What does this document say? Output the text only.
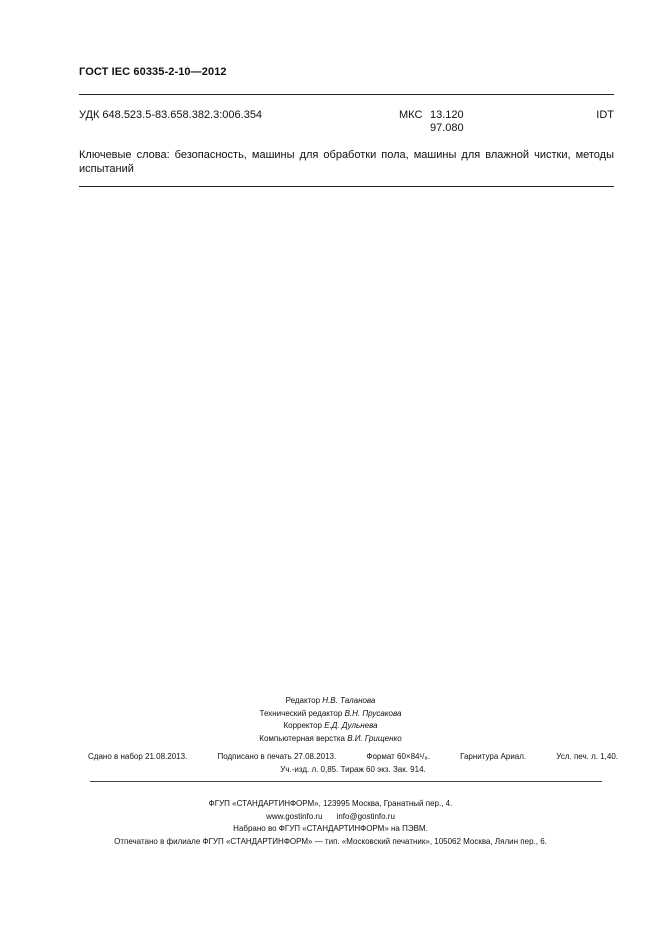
ГОСТ IEC 60335-2-10—2012
УДК 648.523.5-83.658.382.3:006.354	МКС 13.120
97.080
IDT
Ключевые слова: безопасность, машины для обработки пола, машины для влажной чистки, методы испытаний
Редактор Н.В. Таланова
Технический редактор В.Н. Прусакова
Корректор Е.Д. Дульнева
Компьютерная верстка В.И. Грищенко
Сдано в набор 21.08.2013.	Подписано в печать 27.08.2013.	Формат 60×84¹/₈.	Гарнитура Ариал.	Усл. печ. л. 1,40.
Уч.-изд. л. 0,85. Тираж 60 экз. Зак. 914.
ФГУП «СТАНДАРТИНФОРМ», 123995 Москва, Гранатный пер., 4.
www.gostinfo.ru info@gostinfo.ru
Набрано во ФГУП «СТАНДАРТИНФОРМ» на ПЭВМ.
Отпечатано в филиале ФГУП «СТАНДАРТИНФОРМ» — тип. «Московский печатник», 105062 Москва, Лялин пер., 6.
